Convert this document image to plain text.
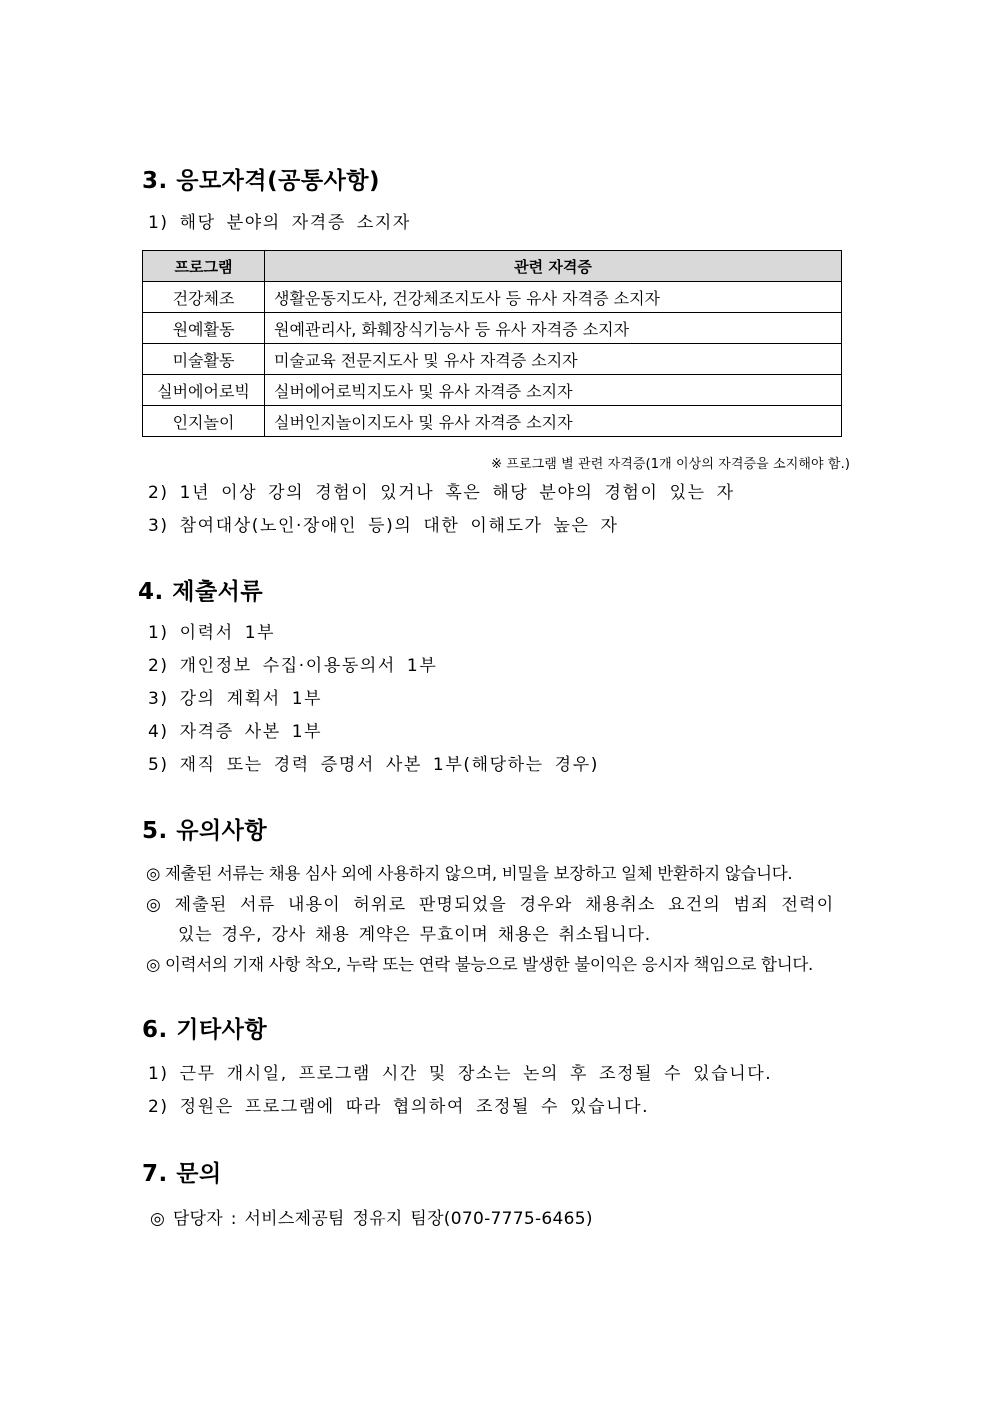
3. 응모자격(공통사항)
1) 해당 분야의 자격증 소지자
프로그램	관련 자격증
건강체조	생활운동지도사, 건강체조지도사 등 유사 자격증 소지자
원예활동	원예관리사, 화훼장식기능사 등 유사 자격증 소지자
미술활동	미술교육 전문지도사 및 유사 자격증 소지자
실버에어로빅	실버에어로빅지도사 및 유사 자격증 소지자
인지놀이	실버인지놀이지도사 및 유사 자격증 소지자
※ 프로그램 별 관련 자격증(1개 이상의 자격증을 소지해야 함.)
2) 1년 이상 강의 경험이 있거나 혹은 해당 분야의 경험이 있는 자
3) 참여대상(노인·장애인 등)의 대한 이해도가 높은 자
4. 제출서류
1) 이력서 1부
2) 개인정보 수집·이용동의서 1부
3) 강의 계획서 1부
4) 자격증 사본 1부
5) 재직 또는 경력 증명서 사본 1부(해당하는 경우)
5. 유의사항
◎ 제출된 서류는 채용 심사 외에 사용하지 않으며, 비밀을 보장하고 일체 반환하지 않습니다.
◎ 제출된 서류 내용이 허위로 판명되었을 경우와 채용취소 요건의 범죄 전력이
있는 경우, 강사 채용 계약은 무효이며 채용은 취소됩니다.
◎ 이력서의 기재 사항 착오, 누락 또는 연락 불능으로 발생한 불이익은 응시자 책임으로 합니다.
6. 기타사항
1) 근무 개시일, 프로그램 시간 및 장소는 논의 후 조정될 수 있습니다.
2) 정원은 프로그램에 따라 협의하여 조정될 수 있습니다.
7. 문의
◎ 담당자 : 서비스제공팀 정유지 팀장(070-7775-6465)
